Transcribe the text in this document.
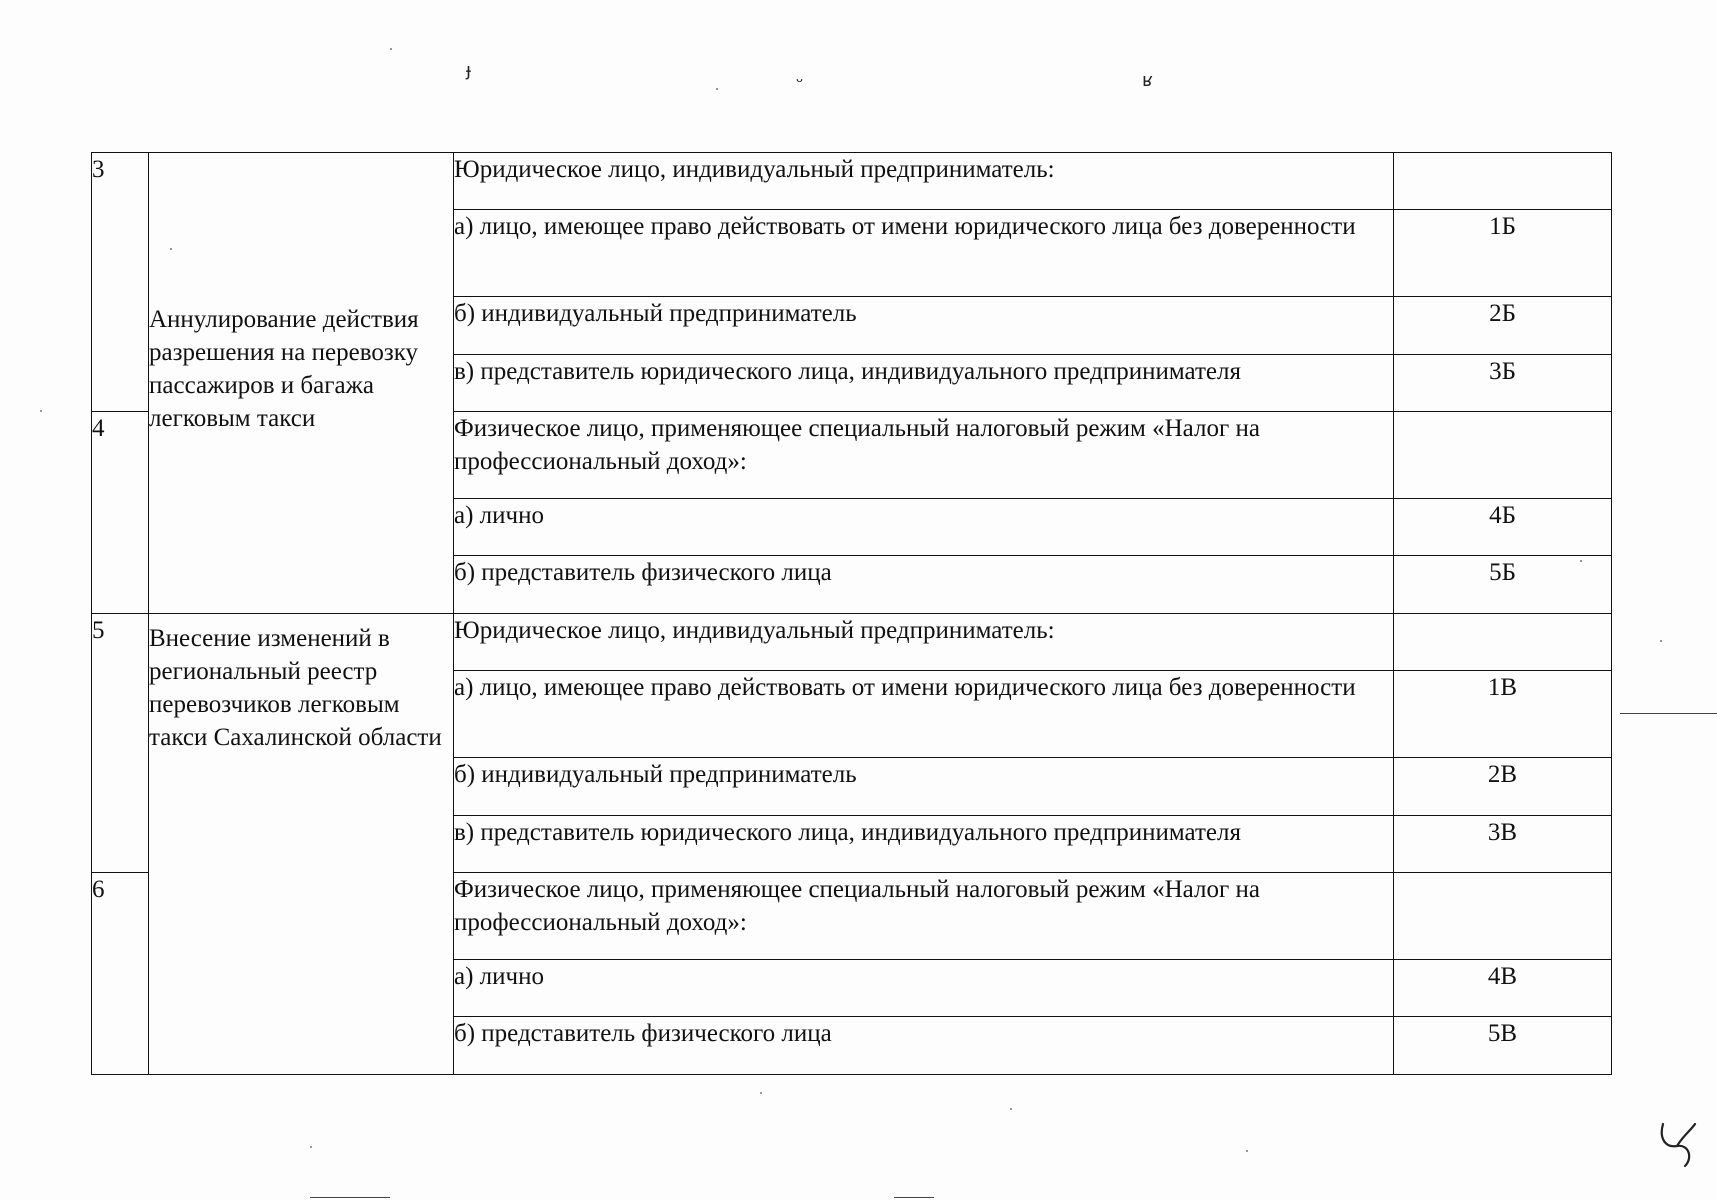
ɟ
ᵕ	ʁ
3	Аннулирование действия разрешения на перевозку пассажиров и багажа легковым такси	Юридическое лицо, индивидуальный предприниматель:	
		а) лицо, имеющее право действовать от имени юридического лица без доверенности	1Б
		б) индивидуальный предприниматель	2Б
		в) представитель юридического лица, индивидуального предпринимателя	3Б
4		Физическое лицо, применяющее специальный налоговый режим «Налог на профессиональный доход»:	
		а) лично	4Б
		б) представитель физического лица	5Б
5	Внесение изменений в региональный реестр перевозчиков легковым такси Сахалинской области	Юридическое лицо, индивидуальный предприниматель:	
		а) лицо, имеющее право действовать от имени юридического лица без доверенности	1В
		б) индивидуальный предприниматель	2В
		в) представитель юридического лица, индивидуального предпринимателя	3В
6		Физическое лицо, применяющее специальный налоговый режим «Налог на профессиональный доход»:	
		а) лично	4В
		б) представитель физического лица	5В
